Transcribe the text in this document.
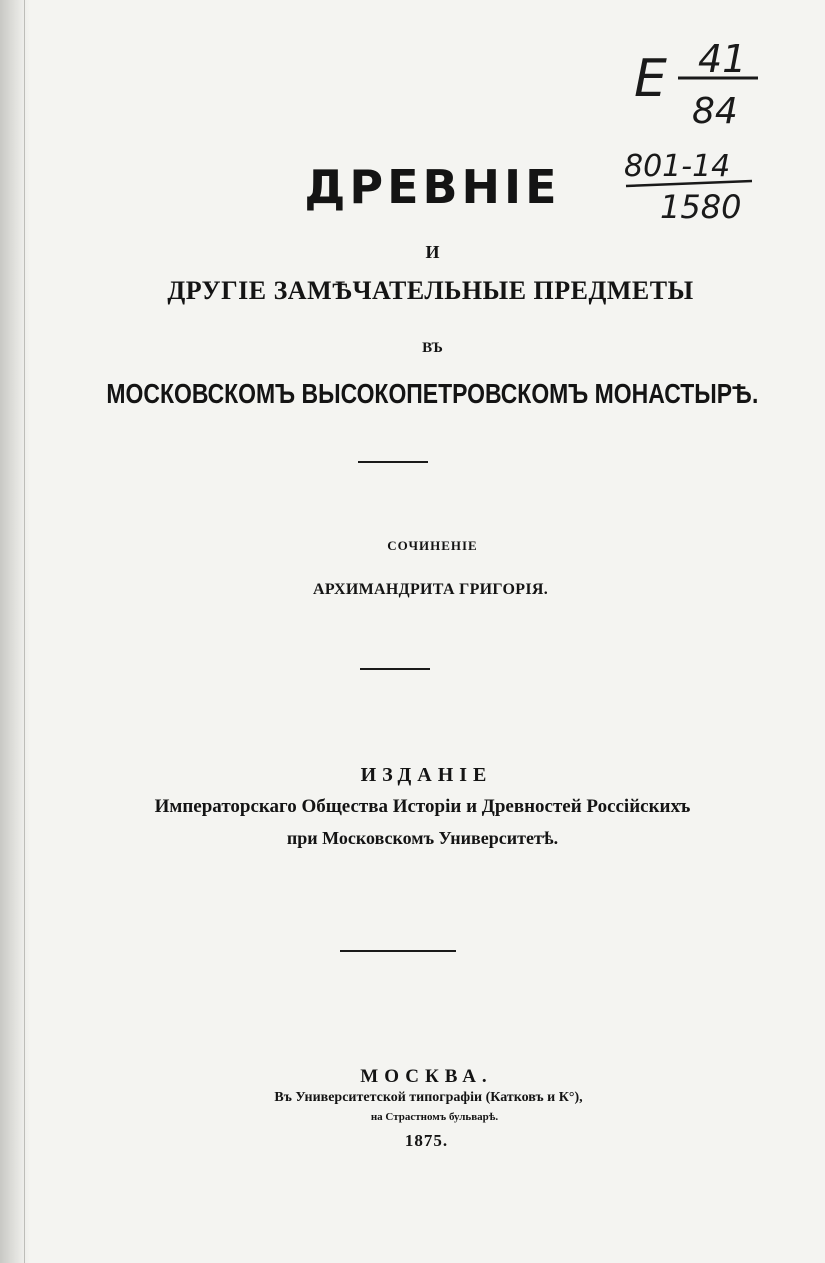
ДРЕВНІЕ
И
ДРУГІЕ ЗАМѢЧАТЕЛЬНЫЕ ПРЕДМЕТЫ
ВЪ
МОСКОВСКОМЪ ВЫСОКОПЕТРОВСКОМЪ МОНАСТЫРѢ.
СОЧИНЕНІЕ
АРХИМАНДРИТА ГРИГОРІЯ.

ИЗДАНІЕ
Императорскаго Общества Исторіи и Древностей Россійскихъ
при Московскомъ Университетѣ.
МОСКВА.
Въ Университетской типографіи (Катковъ и К°),
на Страстномъ бульварѣ.
1875.
Е 41
84
801-14
1580
